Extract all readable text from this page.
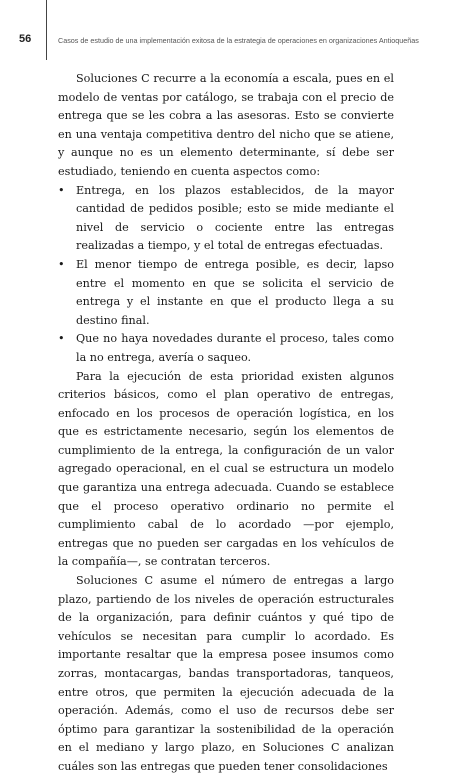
56	Casos de estudio de una implementación exitosa de la estrategia de operaciones en organizaciones Antioqueñas

Soluciones C recurre a la economía a escala, pues en el modelo de ventas por catálogo, se trabaja con el precio de entrega que se les cobra a las asesoras. Esto se convierte en una ventaja competitiva dentro del nicho que se atiene, y aunque no es un elemento determinante, sí debe ser estudiado, teniendo en cuenta aspectos como:

• Entrega, en los plazos establecidos, de la mayor cantidad de pedidos posible; esto se mide mediante el nivel de servicio o cociente entre las entregas realizadas a tiempo, y el total de entregas efectuadas.
• El menor tiempo de entrega posible, es decir, lapso entre el momento en que se solicita el servicio de entrega y el instante en que el producto llega a su destino final.
• Que no haya novedades durante el proceso, tales como la no entrega, avería o saqueo.

Para la ejecución de esta prioridad existen algunos criterios básicos, como el plan operativo de entregas, enfocado en los procesos de operación logística, en los que es estrictamente necesario, según los elementos de cumplimiento de la entrega, la configuración de un valor agregado operacional, en el cual se estructura un modelo que garantiza una entrega adecuada. Cuando se establece que el proceso operativo ordinario no permite el cumplimiento cabal de lo acordado —por ejemplo, entregas que no pueden ser cargadas en los vehículos de la compañía—, se contratan terceros.

Soluciones C asume el número de entregas a largo plazo, partiendo de los niveles de operación estructurales de la organización, para definir cuántos y qué tipo de vehículos se necesitan para cumplir lo acordado. Es importante resaltar que la empresa posee insumos como zorras, montacargas, bandas transportadoras, tanqueos, entre otros, que permiten la ejecución adecuada de la operación. Además, como el uso de recursos debe ser óptimo para garantizar la sostenibilidad de la operación en el mediano y largo plazo, en Soluciones C analizan cuáles son las entregas que pueden tener consolidaciones
